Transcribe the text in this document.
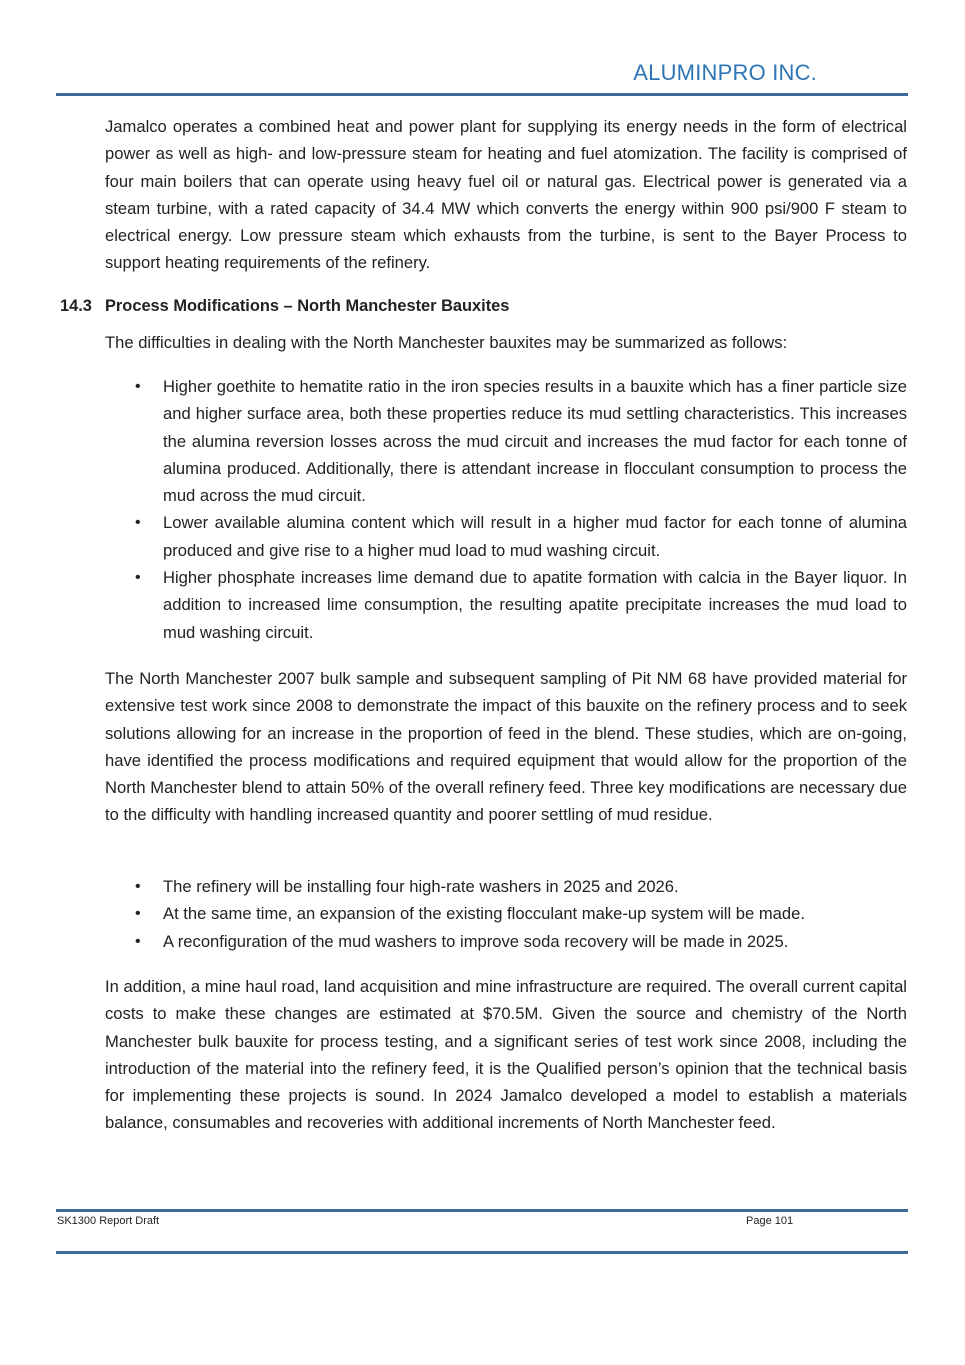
ALUMINPRO INC.

Jamalco operates a combined heat and power plant for supplying its energy needs in the form of electrical power as well as high- and low-pressure steam for heating and fuel atomization. The facility is comprised of four main boilers that can operate using heavy fuel oil or natural gas. Electrical power is generated via a steam turbine, with a rated capacity of 34.4 MW which converts the energy within 900 psi/900 F steam to electrical energy. Low pressure steam which exhausts from the turbine, is sent to the Bayer Process to support heating requirements of the refinery.

14.3 Process Modifications – North Manchester Bauxites

The difficulties in dealing with the North Manchester bauxites may be summarized as follows:

• Higher goethite to hematite ratio in the iron species results in a bauxite which has a finer particle size and higher surface area, both these properties reduce its mud settling characteristics. This increases the alumina reversion losses across the mud circuit and increases the mud factor for each tonne of alumina produced. Additionally, there is attendant increase in flocculant consumption to process the mud across the mud circuit.
• Lower available alumina content which will result in a higher mud factor for each tonne of alumina produced and give rise to a higher mud load to mud washing circuit.
• Higher phosphate increases lime demand due to apatite formation with calcia in the Bayer liquor. In addition to increased lime consumption, the resulting apatite precipitate increases the mud load to mud washing circuit.

The North Manchester 2007 bulk sample and subsequent sampling of Pit NM 68 have provided material for extensive test work since 2008 to demonstrate the impact of this bauxite on the refinery process and to seek solutions allowing for an increase in the proportion of feed in the blend. These studies, which are on-going, have identified the process modifications and required equipment that would allow for the proportion of the North Manchester blend to attain 50% of the overall refinery feed. Three key modifications are necessary due to the difficulty with handling increased quantity and poorer settling of mud residue.

• The refinery will be installing four high-rate washers in 2025 and 2026.
• At the same time, an expansion of the existing flocculant make-up system will be made.
• A reconfiguration of the mud washers to improve soda recovery will be made in 2025.

In addition, a mine haul road, land acquisition and mine infrastructure are required. The overall current capital costs to make these changes are estimated at $70.5M. Given the source and chemistry of the North Manchester bulk bauxite for process testing, and a significant series of test work since 2008, including the introduction of the material into the refinery feed, it is the Qualified person’s opinion that the technical basis for implementing these projects is sound. In 2024 Jamalco developed a model to establish a materials balance, consumables and recoveries with additional increments of North Manchester feed.

SK1300 Report Draft	Page 101
